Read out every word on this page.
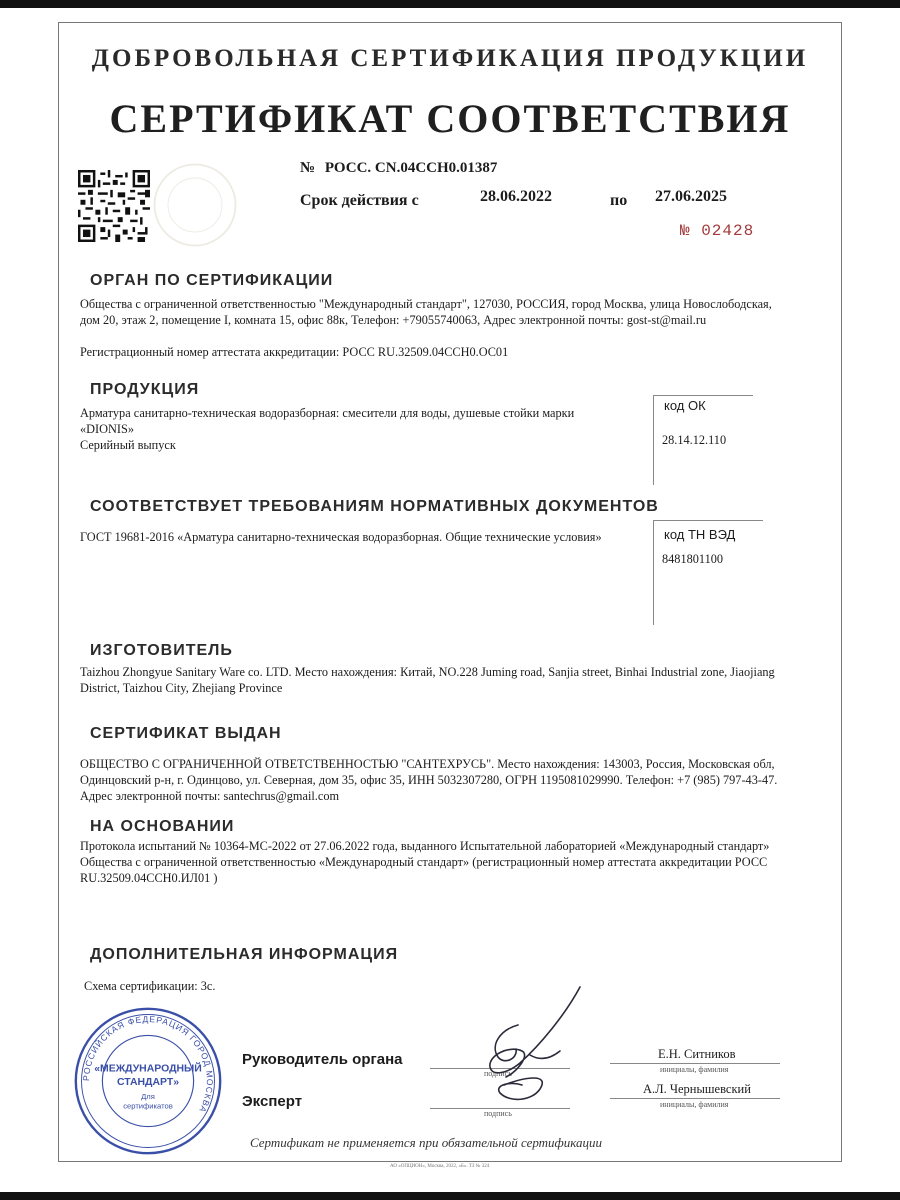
ДОБРОВОЛЬНАЯ СЕРТИФИКАЦИЯ ПРОДУКЦИИ
СЕРТИФИКАТ СООТВЕТСТВИЯ
№ РОСС. CN.04ССН0.01387
Срок действия с	28.06.2022	по 27.06.2025
№ 02428
ОРГАН ПО СЕРТИФИКАЦИИ
Общества с ограниченной ответственностью "Международный стандарт", 127030, РОССИЯ, город Москва, улица Новослободская, дом 20, этаж 2, помещение I, комната 15, офис 88к, Телефон: +79055740063, Адрес электронной почты: gost-st@mail.ru
Регистрационный номер аттестата аккредитации: РОСС RU.32509.04ССН0.ОС01
ПРОДУКЦИЯ
Арматура санитарно-техническая водоразборная: смесители для воды, душевые стойки марки «DIONIS»
Серийный выпуск
код ОК
28.14.12.110
СООТВЕТСТВУЕТ ТРЕБОВАНИЯМ НОРМАТИВНЫХ ДОКУМЕНТОВ
ГОСТ 19681-2016 «Арматура санитарно-техническая водоразборная. Общие технические условия»	код ТН ВЭД
8481801100
ИЗГОТОВИТЕЛЬ
Taizhou Zhongyue Sanitary Ware co. LTD. Место нахождения: Китай, NO.228 Juming road, Sanjia street, Binhai Industrial zone, Jiaojiang District, Taizhou City, Zhejiang Province
СЕРТИФИКАТ ВЫДАН
ОБЩЕСТВО С ОГРАНИЧЕННОЙ ОТВЕТСТВЕННОСТЬЮ "САНТЕХРУСЬ". Место нахождения: 143003, Россия, Московская обл, Одинцовский р-н, г. Одинцово, ул. Северная, дом 35, офис 35, ИНН 5032307280, ОГРН 1195081029990. Телефон: +7 (985) 797-43-47. Адрес электронной почты: santechrus@gmail.com
НА ОСНОВАНИИ
Протокола испытаний № 10364-МС-2022 от 27.06.2022 года, выданного Испытательной лабораторией «Международный стандарт» Общества с ограниченной ответственностью «Международный стандарт» (регистрационный номер аттестата аккредитации РОСС RU.32509.04ССН0.ИЛ01 )
ДОПОЛНИТЕЛЬНАЯ ИНФОРМАЦИЯ
Схема сертификации: 3с.
РОССИЙСКАЯ ФЕДЕРАЦИЯ ГОРОД МОСКВА
«МЕЖДУНАРОДНЫЙ
СТАНДАРТ»
Для
сертификатов
Руководитель органа
Эксперт
подпись
подпись
Е.Н. Ситников
инициалы, фамилия
А.Л. Чернышевский
инициалы, фамилия
Сертификат не применяется при обязательной сертификации
АО «ОПЦИОН», Москва, 2022, «Б». ТЗ № 324
